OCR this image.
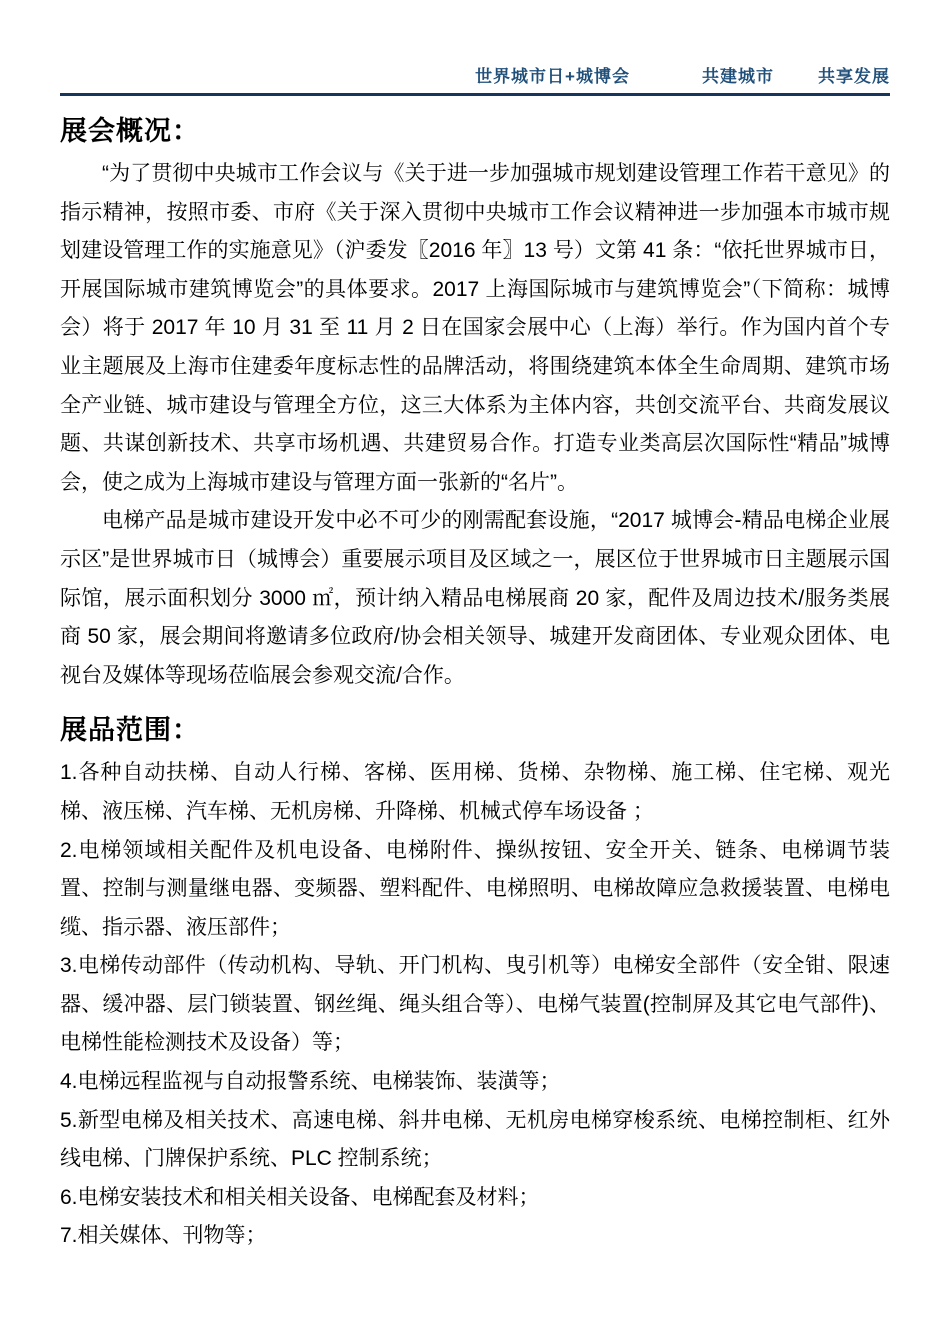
世界城市日+城博会	共建城市	共享发展
展会概况：

“为了贯彻中央城市工作会议与《关于进一步加强城市规划建设管理工作若干意见》的指示精神，按照市委、市府《关于深入贯彻中央城市工作会议精神进一步加强本市城市规划建设管理工作的实施意见》（沪委发〖2016 年〗13 号）文第 41 条：“依托世界城市日，开展国际城市建筑博览会”的具体要求。2017 上海国际城市与建筑博览会”（下简称：城博会）将于 2017 年 10 月 31 至 11 月 2 日在国家会展中心（上海）举行。作为国内首个专业主题展及上海市住建委年度标志性的品牌活动，将围绕建筑本体全生命周期、建筑市场全产业链、城市建设与管理全方位，这三大体系为主体内容，共创交流平台、共商发展议题、共谋创新技术、共享市场机遇、共建贸易合作。打造专业类高层次国际性“精品”城博会，使之成为上海城市建设与管理方面一张新的“名片”。

电梯产品是城市建设开发中必不可少的刚需配套设施，“2017 城博会-精品电梯企业展示区”是世界城市日（城博会）重要展示项目及区域之一，展区位于世界城市日主题展示国际馆，展示面积划分 3000 ㎡，预计纳入精品电梯展商 20 家，配件及周边技术/服务类展商 50 家，展会期间将邀请多位政府/协会相关领导、城建开发商团体、专业观众团体、电视台及媒体等现场莅临展会参观交流/合作。

展品范围：

1.各种自动扶梯、自动人行梯、客梯、医用梯、货梯、杂物梯、施工梯、住宅梯、观光梯、液压梯、汽车梯、无机房梯、升降梯、机械式停车场设备 ；

2.电梯领域相关配件及机电设备、电梯附件、操纵按钮、安全开关、链条、电梯调节装置、控制与测量继电器、变频器、塑料配件、电梯照明、电梯故障应急救援装置、电梯电缆、指示器、液压部件；

3.电梯传动部件（传动机构、导轨、开门机构、曳引机等）电梯安全部件（安全钳、限速器、缓冲器、层门锁装置、钢丝绳、绳头组合等）、电梯气装置(控制屏及其它电气部件)、电梯性能检测技术及设备）等；

4.电梯远程监视与自动报警系统、电梯装饰、装潢等；

5.新型电梯及相关技术、高速电梯、斜井电梯、无机房电梯穿梭系统、电梯控制柜、红外线电梯、门牌保护系统、PLC 控制系统；

6.电梯安装技术和相关相关设备、电梯配套及材料；

7.相关媒体、刊物等；
